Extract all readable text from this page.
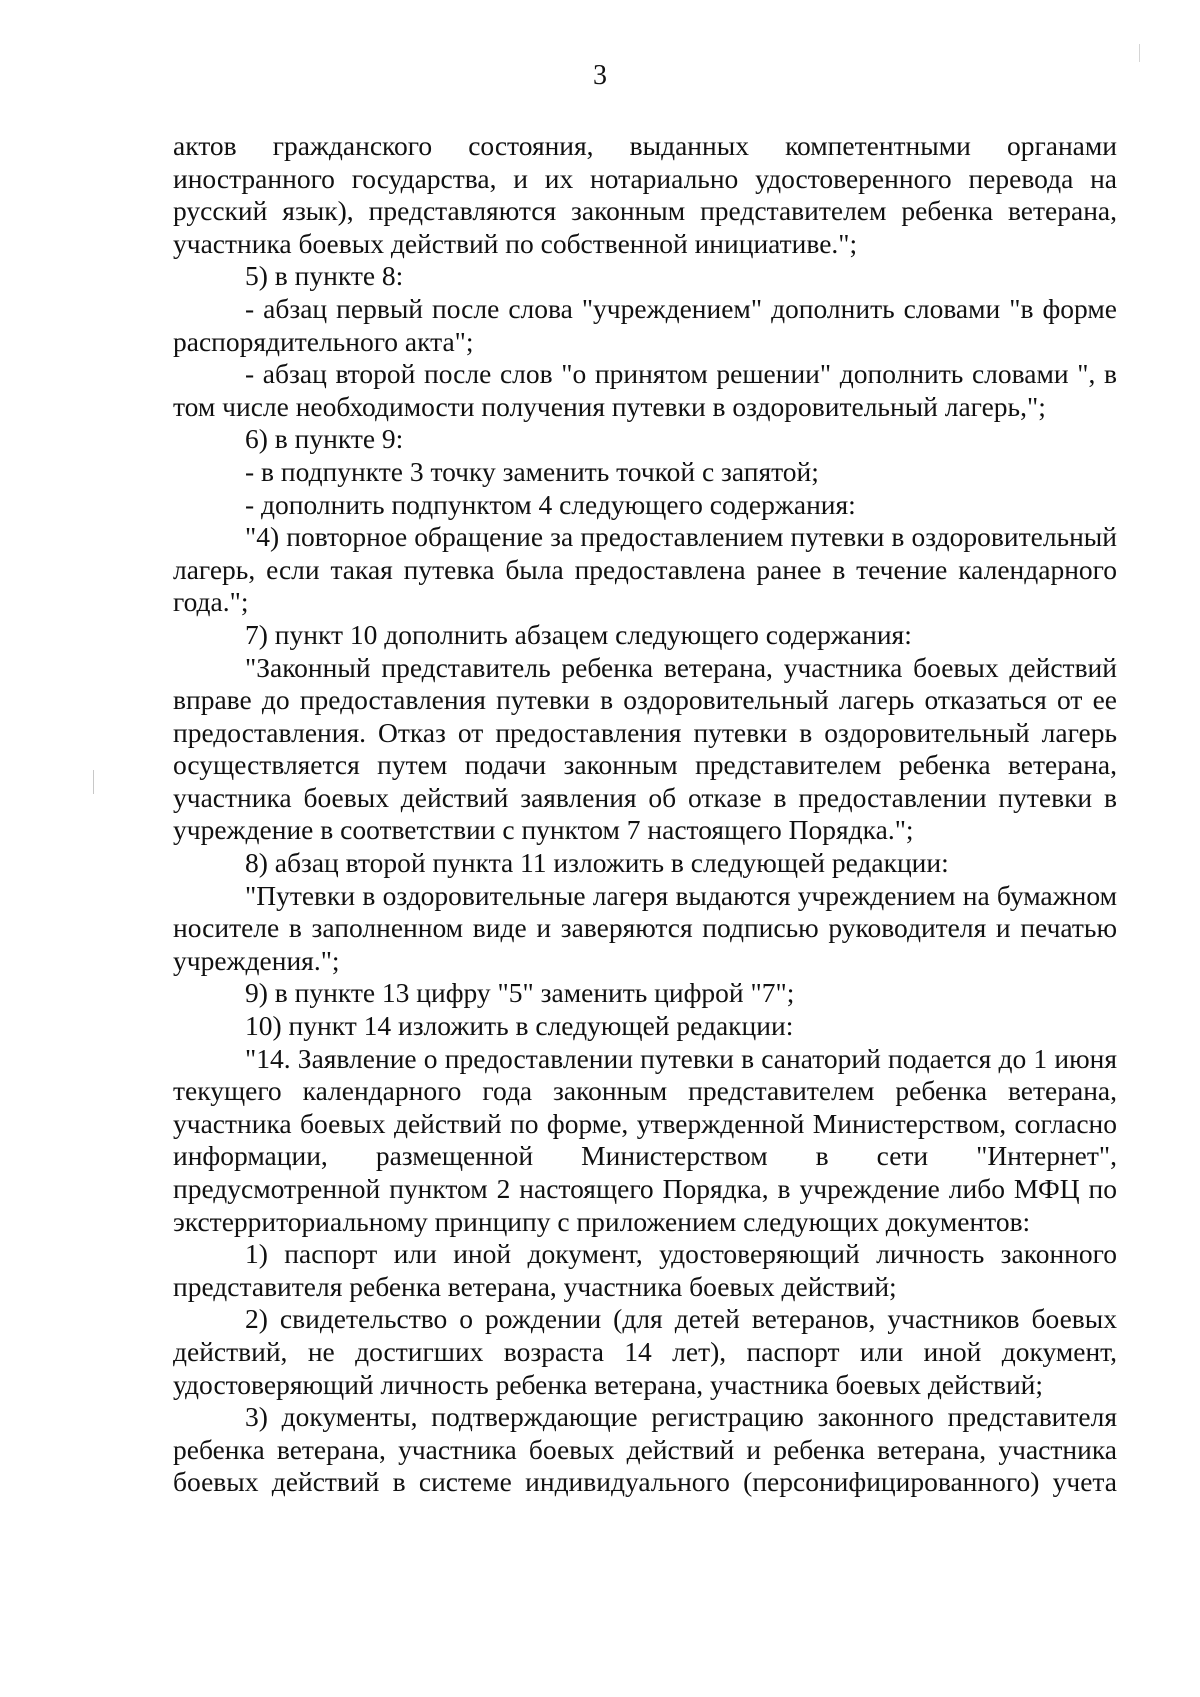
3

актов гражданского состояния, выданных компетентными органами иностранного государства, и их нотариально удостоверенного перевода на русский язык), представляются законным представителем ребенка ветерана, участника боевых действий по собственной инициативе.";

5) в пункте 8:

- абзац первый после слова "учреждением" дополнить словами "в форме распорядительного акта";

- абзац второй после слов "о принятом решении" дополнить словами ", в том числе необходимости получения путевки в оздоровительный лагерь,";

6) в пункте 9:

- в подпункте 3 точку заменить точкой с запятой;

- дополнить подпунктом 4 следующего содержания:

"4) повторное обращение за предоставлением путевки в оздоровительный лагерь, если такая путевка была предоставлена ранее в течение календарного года.";

7) пункт 10 дополнить абзацем следующего содержания:

"Законный представитель ребенка ветерана, участника боевых действий вправе до предоставления путевки в оздоровительный лагерь отказаться от ее предоставления. Отказ от предоставления путевки в оздоровительный лагерь осуществляется путем подачи законным представителем ребенка ветерана, участника боевых действий заявления об отказе в предоставлении путевки в учреждение в соответствии с пунктом 7 настоящего Порядка.";

8) абзац второй пункта 11 изложить в следующей редакции:

"Путевки в оздоровительные лагеря выдаются учреждением на бумажном носителе в заполненном виде и заверяются подписью руководителя и печатью учреждения.";

9) в пункте 13 цифру "5" заменить цифрой "7";

10) пункт 14 изложить в следующей редакции:

"14. Заявление о предоставлении путевки в санаторий подается до 1 июня текущего календарного года законным представителем ребенка ветерана, участника боевых действий по форме, утвержденной Министерством, согласно информации, размещенной Министерством в сети "Интернет", предусмотренной пунктом 2 настоящего Порядка, в учреждение либо МФЦ по экстерриториальному принципу с приложением следующих документов:

1) паспорт или иной документ, удостоверяющий личность законного представителя ребенка ветерана, участника боевых действий;

2) свидетельство о рождении (для детей ветеранов, участников боевых действий, не достигших возраста 14 лет), паспорт или иной документ, удостоверяющий личность ребенка ветерана, участника боевых действий;

3) документы, подтверждающие регистрацию законного представителя ребенка ветерана, участника боевых действий и ребенка ветерана, участника боевых действий в системе индивидуального (персонифицированного) учета
